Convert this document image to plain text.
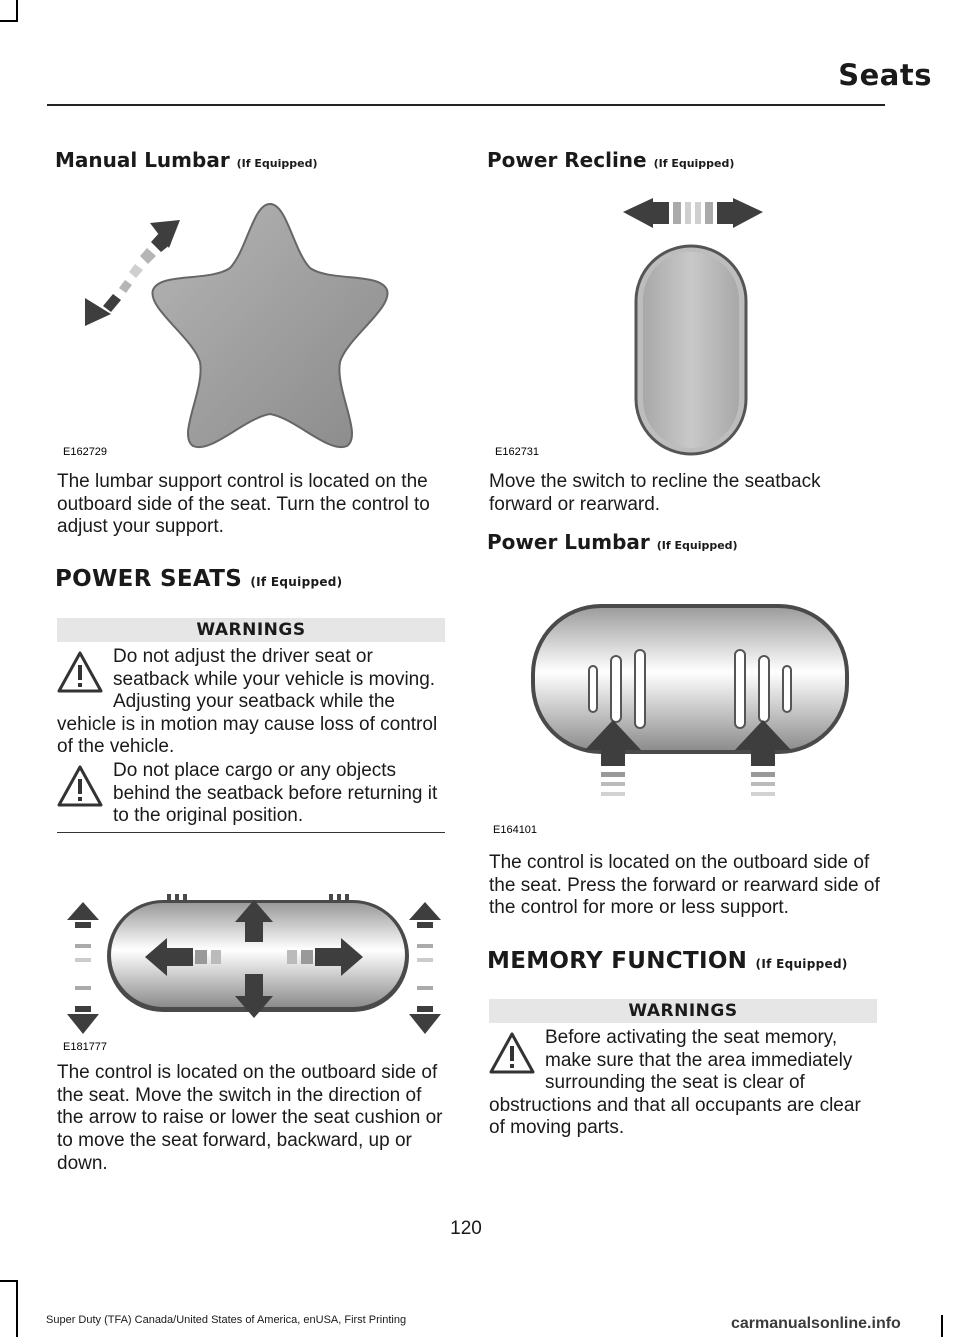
Seats
Manual Lumbar (If Equipped)
E162729
The lumbar support control is located on the outboard side of the seat. Turn the control to adjust your support.
POWER SEATS (If Equipped)
WARNINGS
Do not adjust the driver seat or seatback while your vehicle is moving. Adjusting your seatback while the vehicle is in motion may cause loss of control of the vehicle.
Do not place cargo or any objects behind the seatback before returning it to the original position.
E181777
The control is located on the outboard side of the seat. Move the switch in the direction of the arrow to raise or lower the seat cushion or to move the seat forward, backward, up or down.
Power Recline (If Equipped)
E162731
Move the switch to recline the seatback forward or rearward.
Power Lumbar (If Equipped)
E164101
The control is located on the outboard side of the seat. Press the forward or rearward side of the control for more or less support.
MEMORY FUNCTION (If Equipped)
WARNINGS
Before activating the seat memory, make sure that the area immediately surrounding the seat is clear of obstructions and that all occupants are clear of moving parts.
120
Super Duty (TFA) Canada/United States of America, enUSA, First Printing	carmanualsonline.info
